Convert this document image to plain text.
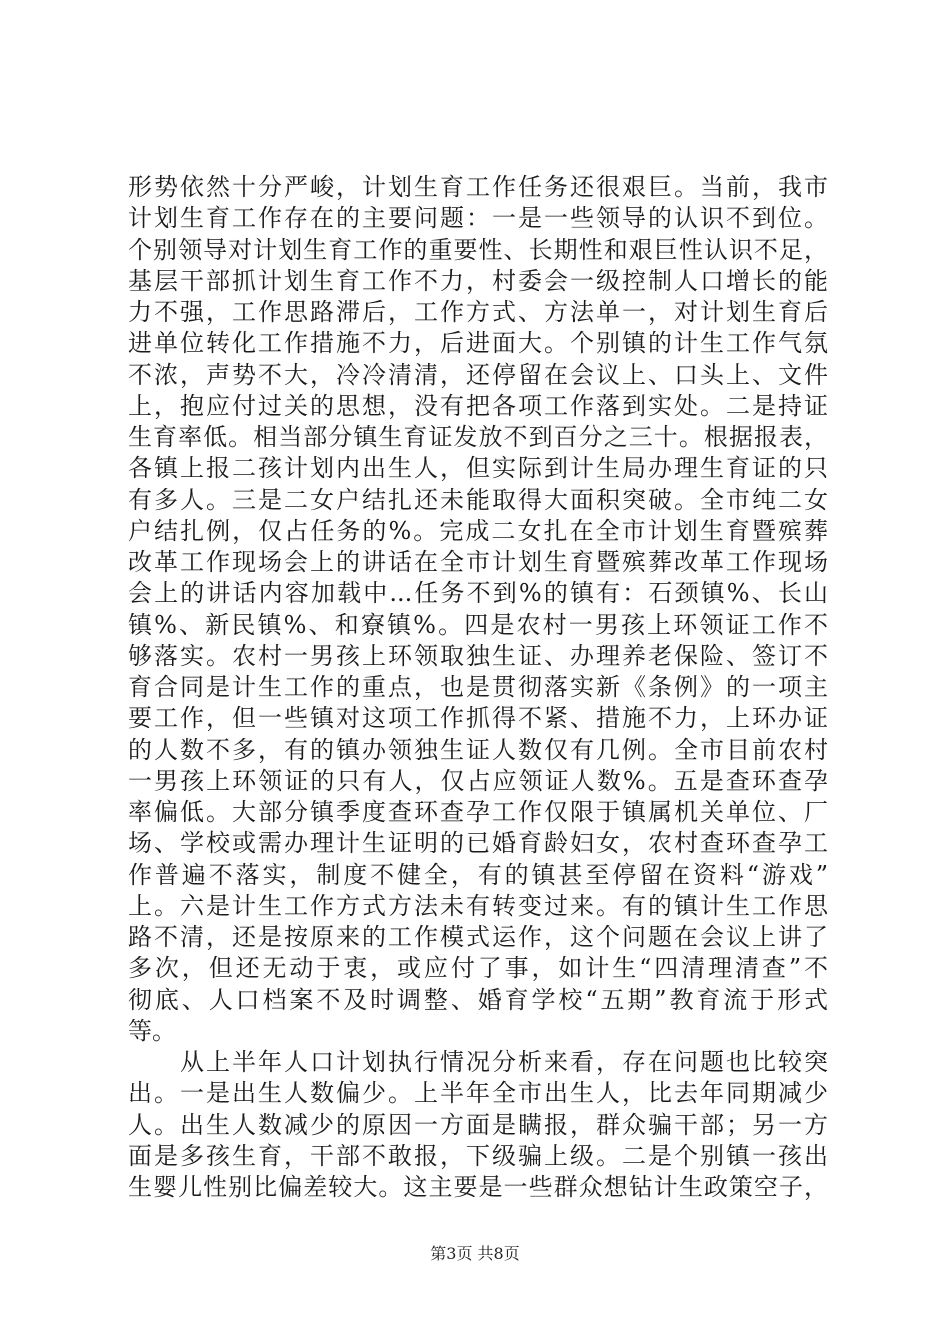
形势依然十分严峻，计划生育工作任务还很艰巨。当前，我市
计划生育工作存在的主要问题：一是一些领导的认识不到位。
个别领导对计划生育工作的重要性、长期性和艰巨性认识不足，
基层干部抓计划生育工作不力，村委会一级控制人口增长的能
力不强，工作思路滞后，工作方式、方法单一，对计划生育后
进单位转化工作措施不力，后进面大。个别镇的计生工作气氛
不浓，声势不大，冷冷清清，还停留在会议上、口头上、文件
上，抱应付过关的思想，没有把各项工作落到实处。二是持证
生育率低。相当部分镇生育证发放不到百分之三十。根据报表，
各镇上报二孩计划内出生人，但实际到计生局办理生育证的只
有多人。三是二女户结扎还未能取得大面积突破。全市纯二女
户结扎例，仅占任务的%。完成二女扎在全市计划生育暨殡葬
改革工作现场会上的讲话在全市计划生育暨殡葬改革工作现场
会上的讲话内容加载中...任务不到%的镇有：石颈镇%、长山
镇%、新民镇%、和寮镇%。四是农村一男孩上环领证工作不
够落实。农村一男孩上环领取独生证、办理养老保险、签订不
育合同是计生工作的重点，也是贯彻落实新《条例》的一项主
要工作，但一些镇对这项工作抓得不紧、措施不力，上环办证
的人数不多，有的镇办领独生证人数仅有几例。全市目前农村
一男孩上环领证的只有人，仅占应领证人数%。五是查环查孕
率偏低。大部分镇季度查环查孕工作仅限于镇属机关单位、厂
场、学校或需办理计生证明的已婚育龄妇女，农村查环查孕工
作普遍不落实，制度不健全，有的镇甚至停留在资料“游戏”
上。六是计生工作方式方法未有转变过来。有的镇计生工作思
路不清，还是按原来的工作模式运作，这个问题在会议上讲了
多次，但还无动于衷，或应付了事，如计生“四清理清查”不
彻底、人口档案不及时调整、婚育学校“五期”教育流于形式
等。
　　从上半年人口计划执行情况分析来看，存在问题也比较突
出。一是出生人数偏少。上半年全市出生人，比去年同期减少
人。出生人数减少的原因一方面是瞒报，群众骗干部；另一方
面是多孩生育，干部不敢报，下级骗上级。二是个别镇一孩出
生婴儿性别比偏差较大。这主要是一些群众想钻计生政策空子，
第3页 共8页
